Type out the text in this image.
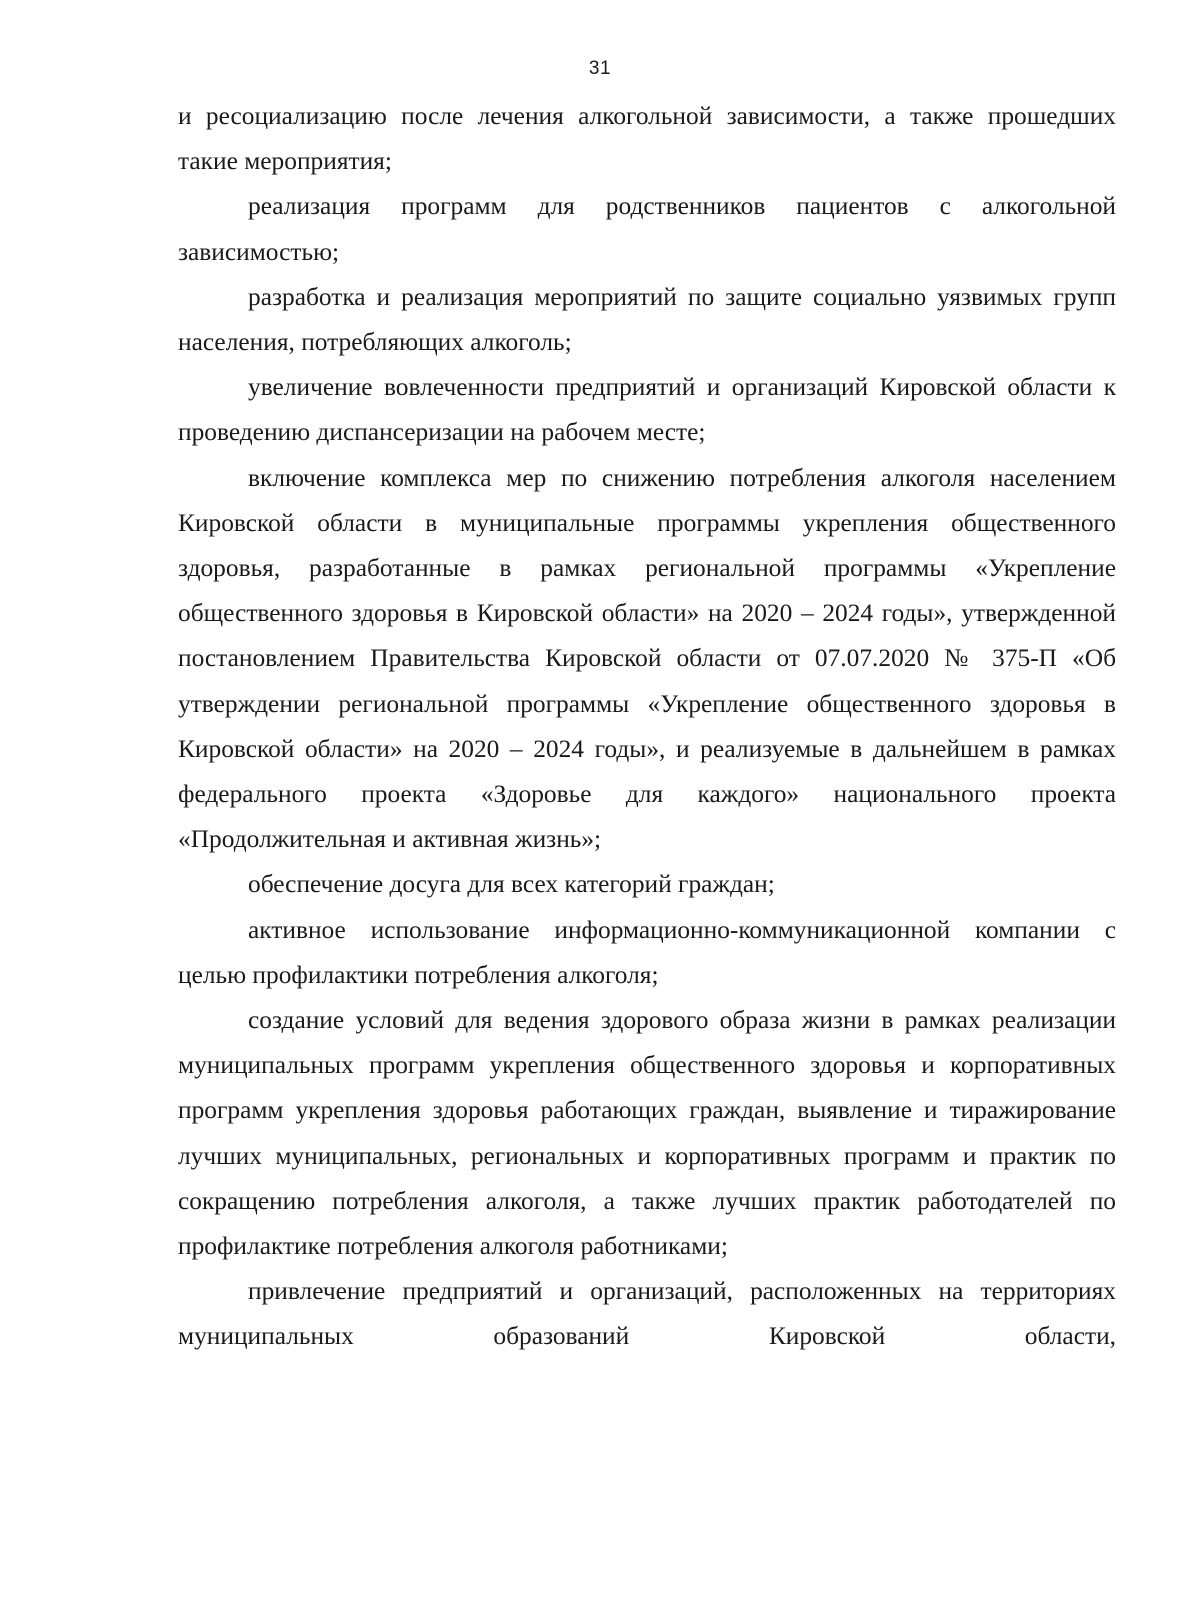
31

и ресоциализацию после лечения алкогольной зависимости, а также прошедших такие мероприятия;

реализация программ для родственников пациентов с алкогольной зависимостью;

разработка и реализация мероприятий по защите социально уязвимых групп населения, потребляющих алкоголь;

увеличение вовлеченности предприятий и организаций Кировской области к проведению диспансеризации на рабочем месте;

включение комплекса мер по снижению потребления алкоголя населением Кировской области в муниципальные программы укрепления общественного здоровья, разработанные в рамках региональной программы «Укрепление общественного здоровья в Кировской области» на 2020 – 2024 годы», утвержденной постановлением Правительства Кировской области от 07.07.2020 № 375-П «Об утверждении региональной программы «Укрепление общественного здоровья в Кировской области» на 2020 – 2024 годы», и реализуемые в дальнейшем в рамках федерального проекта «Здоровье для каждого» национального проекта «Продолжительная и активная жизнь»;

обеспечение досуга для всех категорий граждан;

активное использование информационно-коммуникационной компании с целью профилактики потребления алкоголя;

создание условий для ведения здорового образа жизни в рамках реализации муниципальных программ укрепления общественного здоровья и корпоративных программ укрепления здоровья работающих граждан, выявление и тиражирование лучших муниципальных, региональных и корпоративных программ и практик по сокращению потребления алкоголя, а также лучших практик работодателей по профилактике потребления алкоголя работниками;

привлечение предприятий и организаций, расположенных на территориях муниципальных образований Кировской области,
